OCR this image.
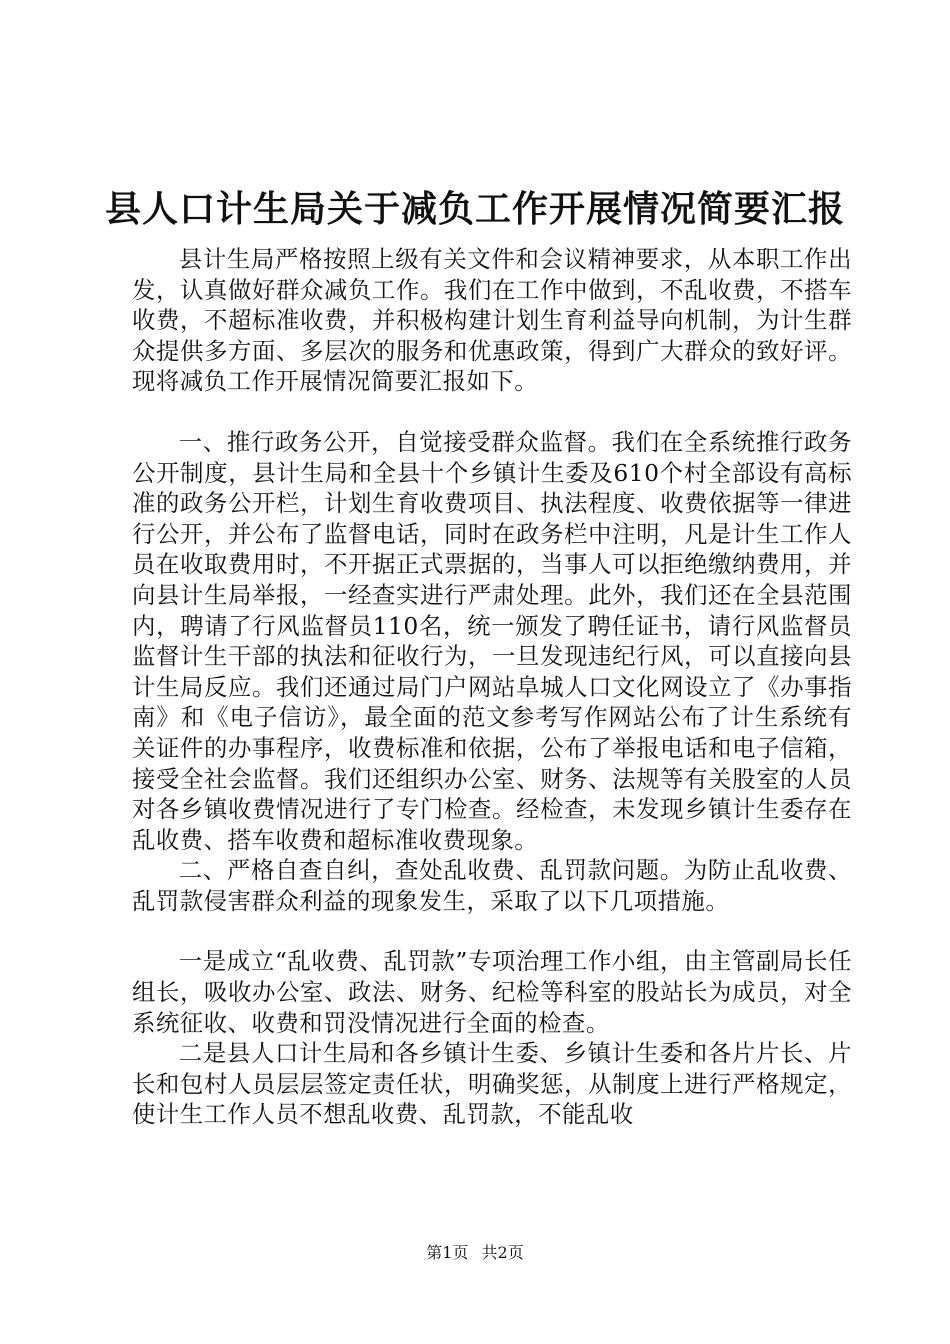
县人口计生局关于减负工作开展情况简要汇报

县计生局严格按照上级有关文件和会议精神要求，从本职工作出发，认真做好群众减负工作。我们在工作中做到，不乱收费，不搭车收费，不超标准收费，并积极构建计划生育利益导向机制，为计生群众提供多方面、多层次的服务和优惠政策，得到广大群众的致好评。现将减负工作开展情况简要汇报如下。

一、推行政务公开，自觉接受群众监督。我们在全系统推行政务公开制度，县计生局和全县十个乡镇计生委及610个村全部设有高标准的政务公开栏，计划生育收费项目、执法程度、收费依据等一律进行公开，并公布了监督电话，同时在政务栏中注明，凡是计生工作人员在收取费用时，不开据正式票据的，当事人可以拒绝缴纳费用，并向县计生局举报，一经查实进行严肃处理。此外，我们还在全县范围内，聘请了行风监督员110名，统一颁发了聘任证书，请行风监督员监督计生干部的执法和征收行为，一旦发现违纪行风，可以直接向县计生局反应。我们还通过局门户网站阜城人口文化网设立了《办事指南》和《电子信访》，最全面的范文参考写作网站公布了计生系统有关证件的办事程序，收费标准和依据，公布了举报电话和电子信箱，接受全社会监督。我们还组织办公室、财务、法规等有关股室的人员对各乡镇收费情况进行了专门检查。经检查，未发现乡镇计生委存在乱收费、搭车收费和超标准收费现象。

二、严格自查自纠，查处乱收费、乱罚款问题。为防止乱收费、乱罚款侵害群众利益的现象发生，采取了以下几项措施。

一是成立“乱收费、乱罚款”专项治理工作小组，由主管副局长任组长，吸收办公室、政法、财务、纪检等科室的股站长为成员，对全系统征收、收费和罚没情况进行全面的检查。

二是县人口计生局和各乡镇计生委、乡镇计生委和各片片长、片长和包村人员层层签定责任状，明确奖惩，从制度上进行严格规定，使计生工作人员不想乱收费、乱罚款，不能乱收

第1页 共2页
